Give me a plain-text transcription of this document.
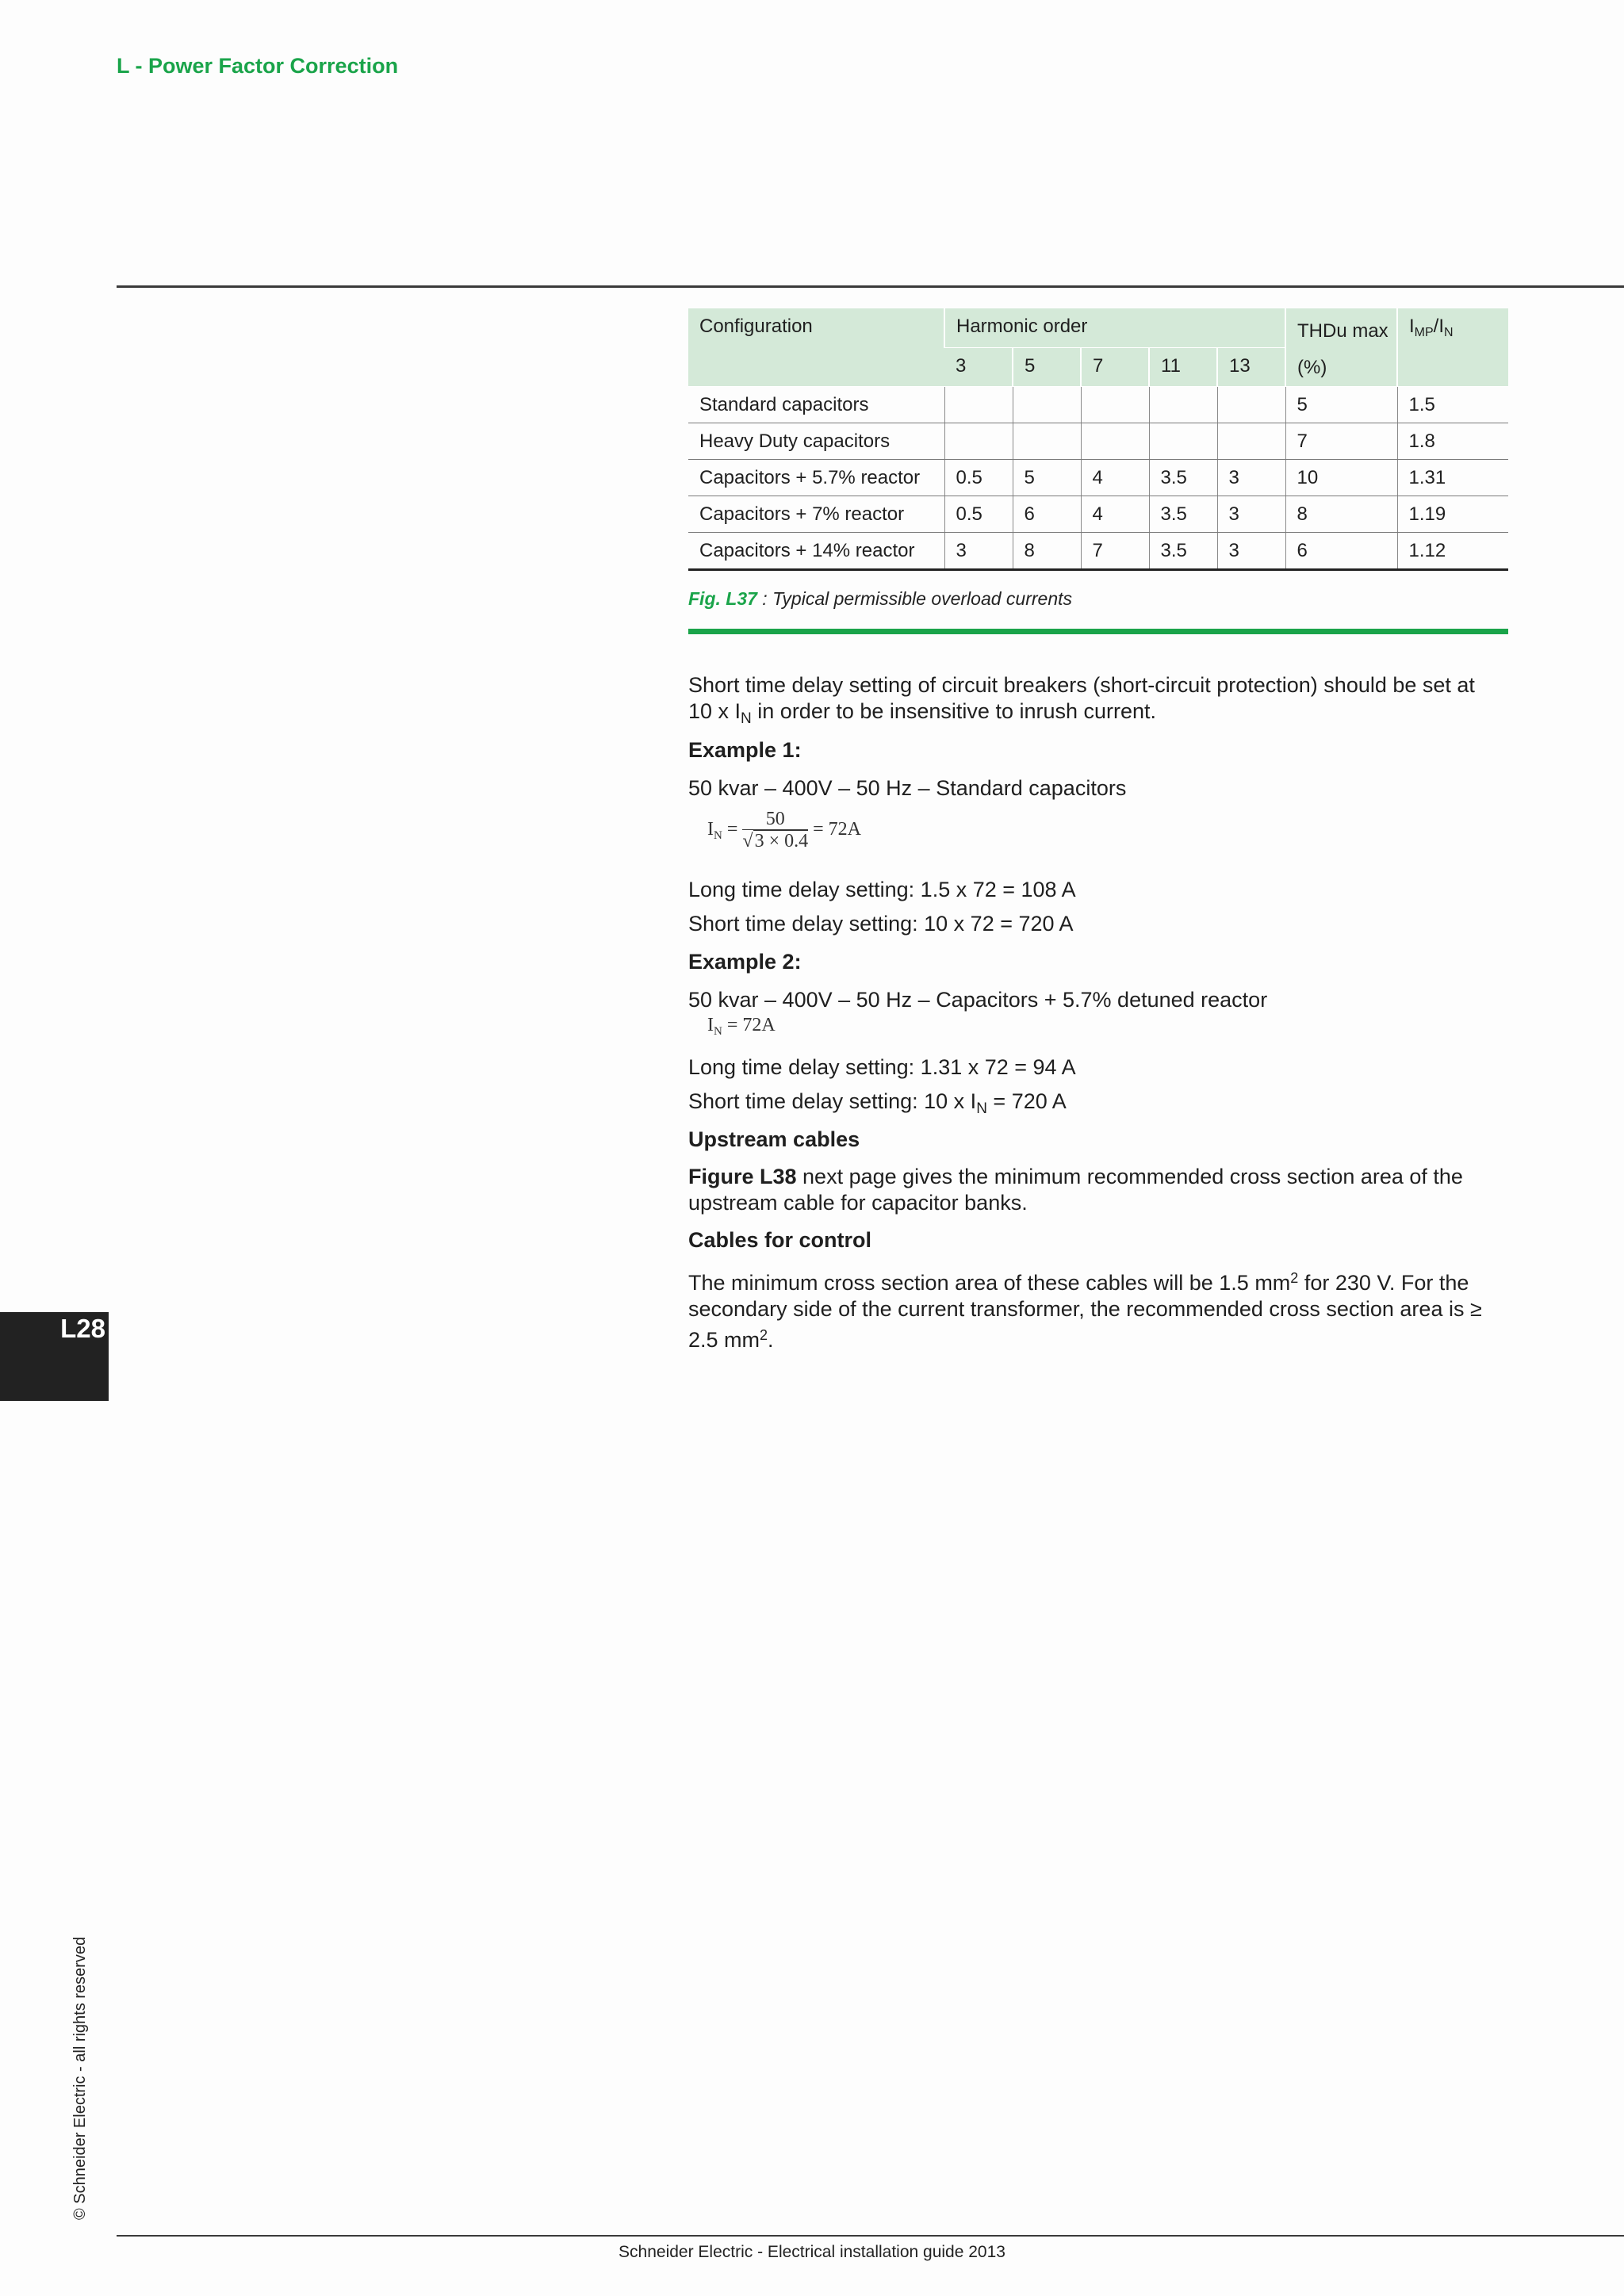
L - Power Factor Correction
Configuration	Harmonic order					THDu max (%)	$I_{MP}/I_N$
	3	5	7	11	13		
Standard capacitors						5	1.5
Heavy Duty capacitors						7	1.8
Capacitors + 5.7% reactor	0.5	5	4	3.5	3	10	1.31
Capacitors + 7% reactor	0.5	6	4	3.5	3	8	1.19
Capacitors + 14% reactor	3	8	7	3.5	3	6	1.12
Fig. L37 : Typical permissible overload currents
Short time delay setting of circuit breakers (short-circuit protection) should be set at
10 x $I_N$ in order to be insensitive to inrush current.
Example 1:
50 kvar – 400V – 50 Hz – Standard capacitors
$I_N = \frac{50}{√3 \times 0.4} = 72A$
Long time delay setting: 1.5 x 72 = 108 A
Short time delay setting: 10 x 72 = 720 A
Example 2:
50 kvar – 400V – 50 Hz – Capacitors + 5.7% detuned reactor
$I_N = 72A$
Long time delay setting: 1.31 x 72 = 94 A
Short time delay setting: 10 x $I_N = 720$ A
Upstream cables
Figure L38 next page gives the minimum recommended cross section area of the upstream cable for capacitor banks.
Cables for control
The minimum cross section area of these cables will be 1.5 $mm^2$ for 230 V. For the secondary side of the current transformer, the recommended cross section area is ≥ 2.5 $mm^2$.
L28
© Schneider Electric - all rights reserved
Schneider Electric - Electrical installation guide 2013
